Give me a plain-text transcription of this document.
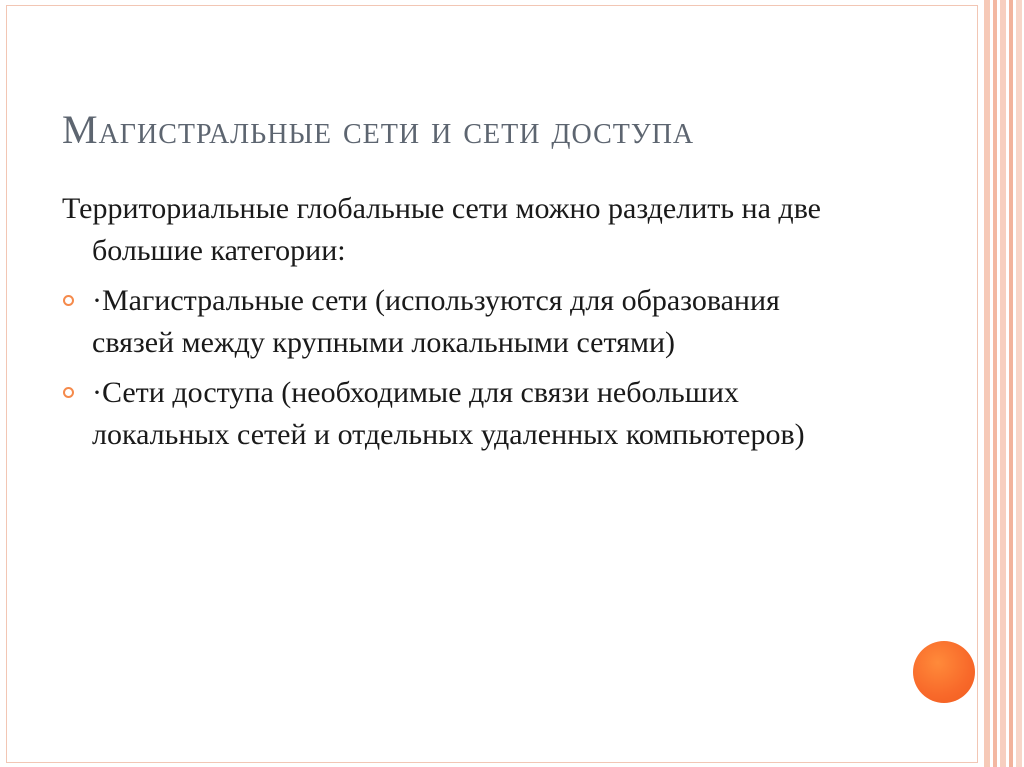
Магистральные сети и сети доступа

Территориальные глобальные сети можно разделить на две большие категории:

·Магистральные сети (используются для образования связей между крупными локальными сетями)
·Сети доступа (необходимые для связи небольших локальных сетей и отдельных удаленных компьютеров)
